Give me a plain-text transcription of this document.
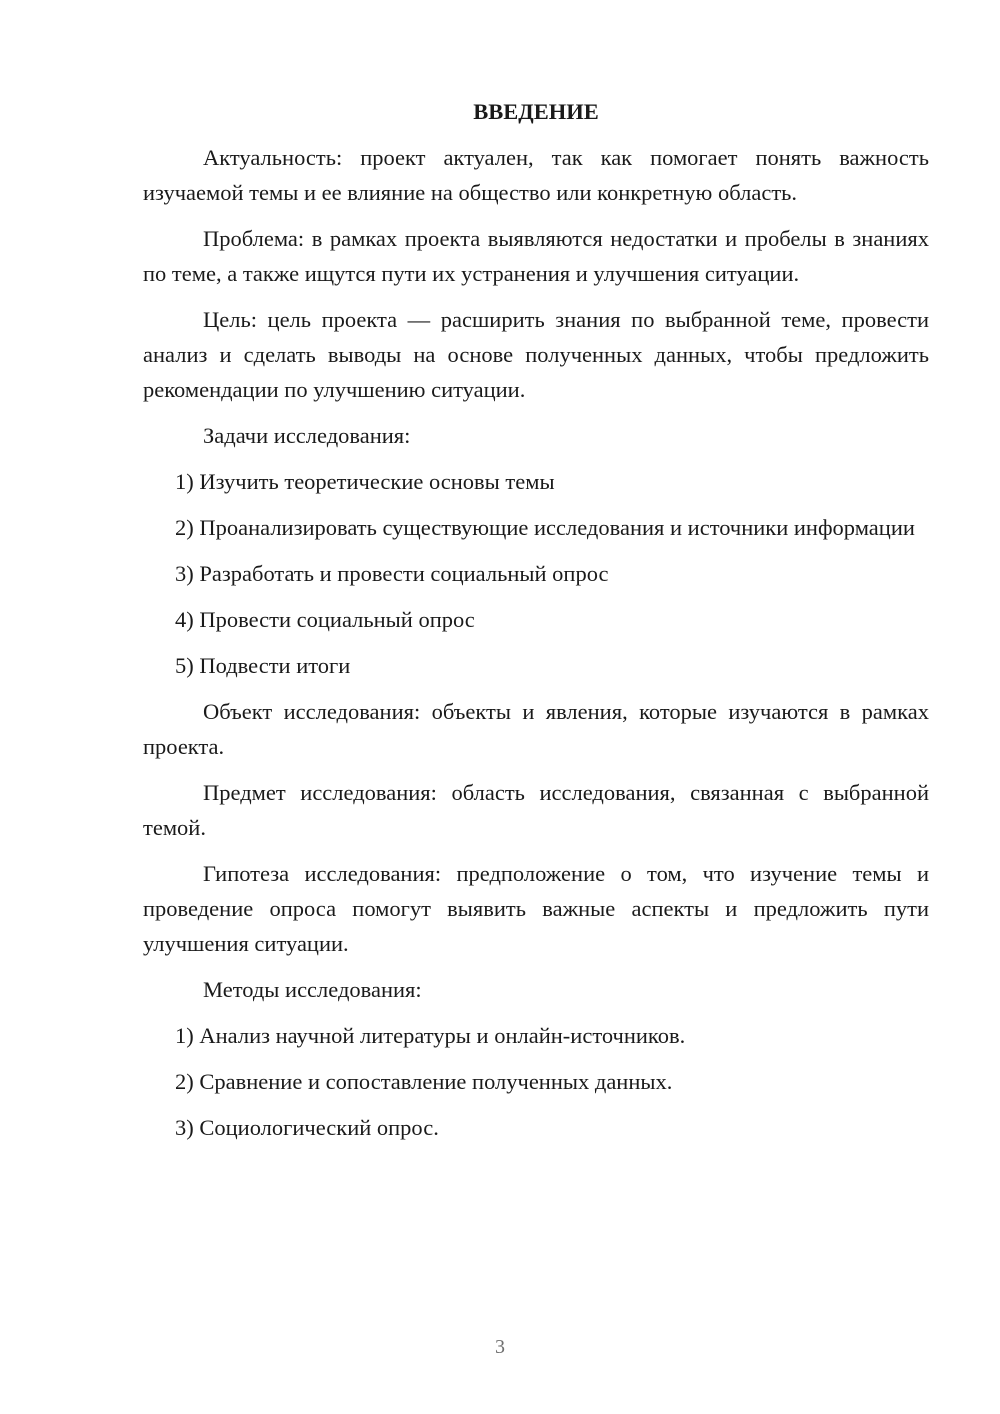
ВВЕДЕНИЕ

Актуальность: проект актуален, так как помогает понять важность изучаемой темы и ее влияние на общество или конкретную область.

Проблема: в рамках проекта выявляются недостатки и пробелы в знаниях по теме, а также ищутся пути их устранения и улучшения ситуации.

Цель: цель проекта — расширить знания по выбранной теме, провести анализ и сделать выводы на основе полученных данных, чтобы предложить рекомендации по улучшению ситуации.

Задачи исследования:

1) Изучить теоретические основы темы

2) Проанализировать существующие исследования и источники информации

3) Разработать и провести социальный опрос

4) Провести социальный опрос

5) Подвести итоги

Объект исследования: объекты и явления, которые изучаются в рамках проекта.

Предмет исследования: область исследования, связанная с выбранной темой.

Гипотеза исследования: предположение о том, что изучение темы и проведение опроса помогут выявить важные аспекты и предложить пути улучшения ситуации.

Методы исследования:

1) Анализ научной литературы и онлайн-источников.

2) Сравнение и сопоставление полученных данных.

3) Социологический опрос.

3
